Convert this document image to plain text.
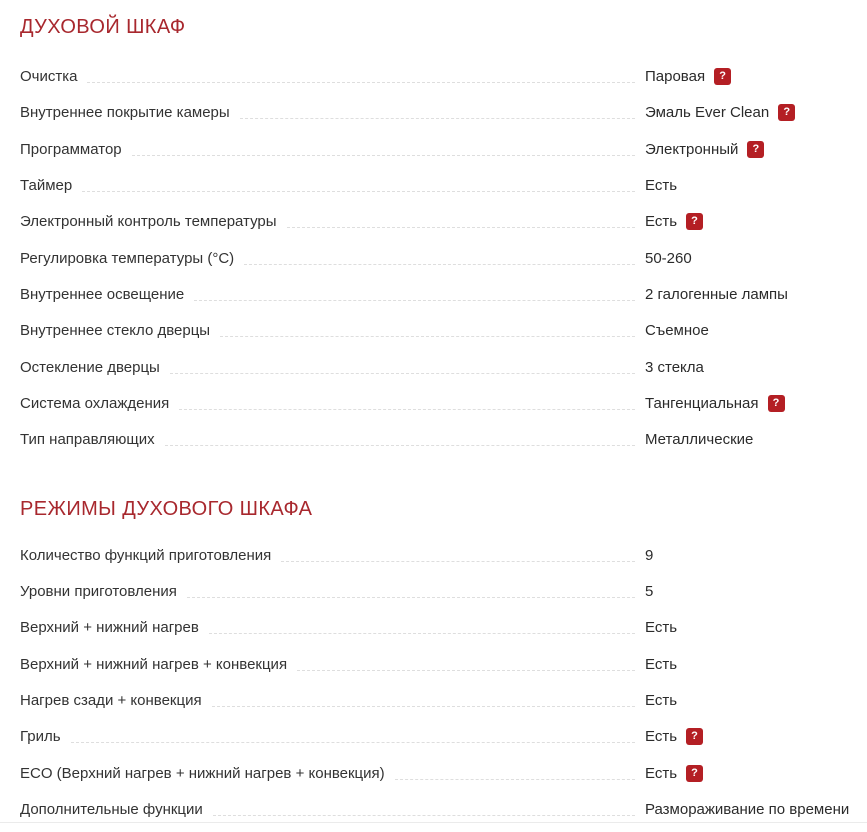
ДУХОВОЙ ШКАФ
Очистка	Паровая	?
Внутреннее покрытие камеры	Эмаль Ever Clean	?
Программатор	Электронный	?
Таймер	Есть
Электронный контроль температуры	Есть	?
Регулировка температуры (°C)	50-260
Внутреннее освещение	2 галогенные лампы
Внутреннее стекло дверцы	Съемное
Остекление дверцы	3 стекла
Система охлаждения	Тангенциальная	?
Тип направляющих	Металлические
РЕЖИМЫ ДУХОВОГО ШКАФА
Количество функций приготовления	9
Уровни приготовления	5
Верхний + нижний нагрев	Есть
Верхний + нижний нагрев + конвекция	Есть
Нагрев сзади + конвекция	Есть
Гриль	Есть	?
ECO (Верхний нагрев + нижний нагрев + конвекция)	Есть	?
Дополнительные функции	Размораживание по времени
